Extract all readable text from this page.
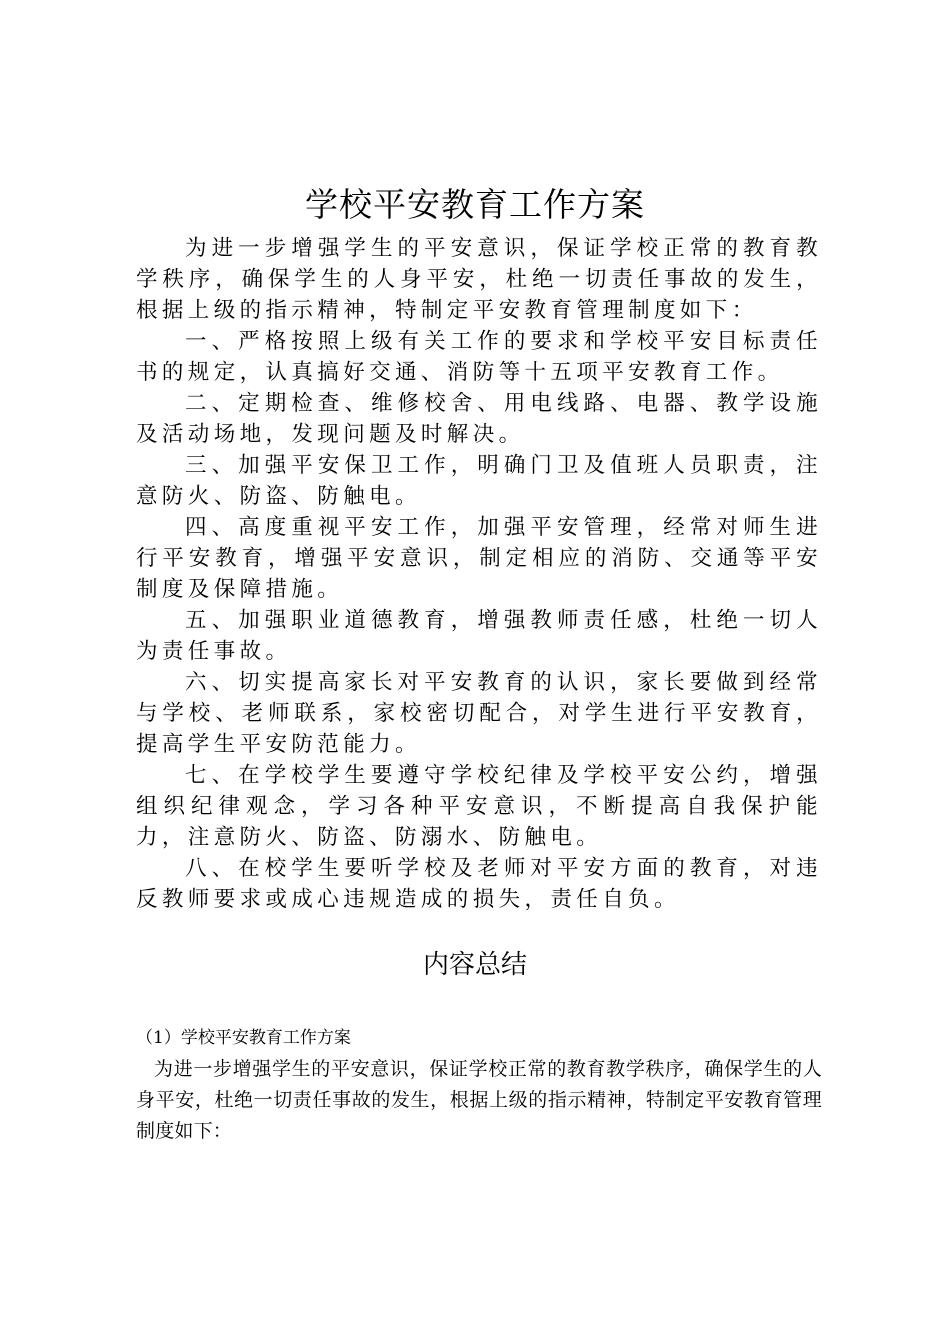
学校平安教育工作方案

为进一步增强学生的平安意识，保证学校正常的教育教学秩序，确保学生的人身平安，杜绝一切责任事故的发生，根据上级的指示精神，特制定平安教育管理制度如下：

一、严格按照上级有关工作的要求和学校平安目标责任书的规定，认真搞好交通、消防等十五项平安教育工作。

二、定期检查、维修校舍、用电线路、电器、教学设施及活动场地，发现问题及时解决。

三、加强平安保卫工作，明确门卫及值班人员职责，注意防火、防盗、防触电。

四、高度重视平安工作，加强平安管理，经常对师生进行平安教育，增强平安意识，制定相应的消防、交通等平安制度及保障措施。

五、加强职业道德教育，增强教师责任感，杜绝一切人为责任事故。

六、切实提高家长对平安教育的认识，家长要做到经常与学校、老师联系，家校密切配合，对学生进行平安教育，提高学生平安防范能力。

七、在学校学生要遵守学校纪律及学校平安公约，增强组织纪律观念，学习各种平安意识，不断提高自我保护能力，注意防火、防盗、防溺水、防触电。

八、在校学生要听学校及老师对平安方面的教育，对违反教师要求或成心违规造成的损失，责任自负。

内容总结

（1）学校平安教育工作方案

为进一步增强学生的平安意识，保证学校正常的教育教学秩序，确保学生的人身平安，杜绝一切责任事故的发生，根据上级的指示精神，特制定平安教育管理制度如下：
